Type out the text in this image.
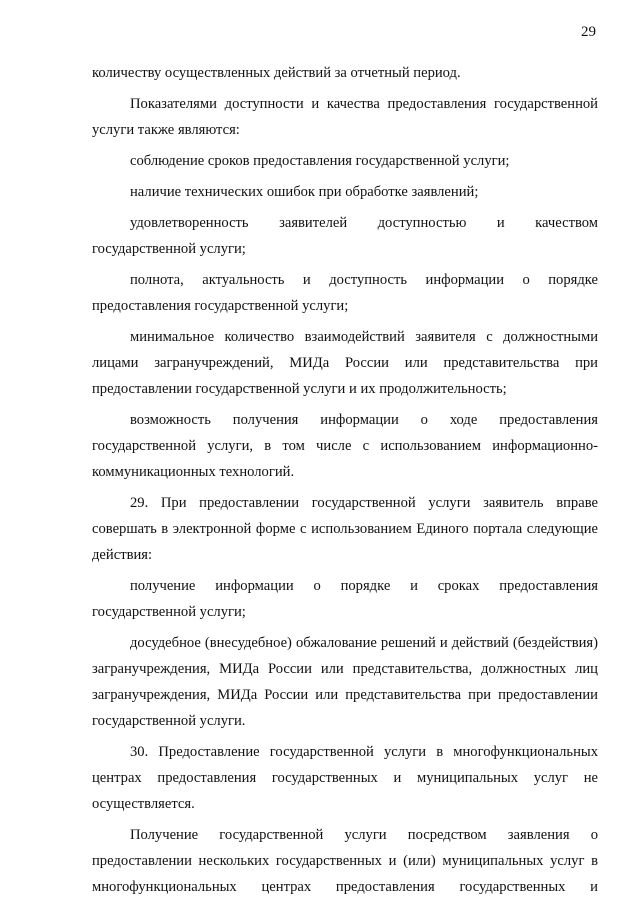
29

количеству осуществленных действий за отчетный период.

Показателями доступности и качества предоставления государственной услуги также являются:

соблюдение сроков предоставления государственной услуги;

наличие технических ошибок при обработке заявлений;

удовлетворенность заявителей доступностью и качеством государственной услуги;

полнота, актуальность и доступность информации о порядке предоставления государственной услуги;

минимальное количество взаимодействий заявителя с должностными лицами загранучреждений, МИДа России или представительства при предоставлении государственной услуги и их продолжительность;

возможность получения информации о ходе предоставления государственной услуги, в том числе с использованием информационно-коммуникационных технологий.

29. При предоставлении государственной услуги заявитель вправе совершать в электронной форме с использованием Единого портала следующие действия:

получение информации о порядке и сроках предоставления государственной услуги;

досудебное (внесудебное) обжалование решений и действий (бездействия) загранучреждения, МИДа России или представительства, должностных лиц загранучреждения, МИДа России или представительства при предоставлении государственной услуги.

30. Предоставление государственной услуги в многофункциональных центрах предоставления государственных и муниципальных услуг не осуществляется.

Получение государственной услуги посредством заявления о предоставлении нескольких государственных и (или) муниципальных услуг в многофункциональных центрах предоставления государственных и
